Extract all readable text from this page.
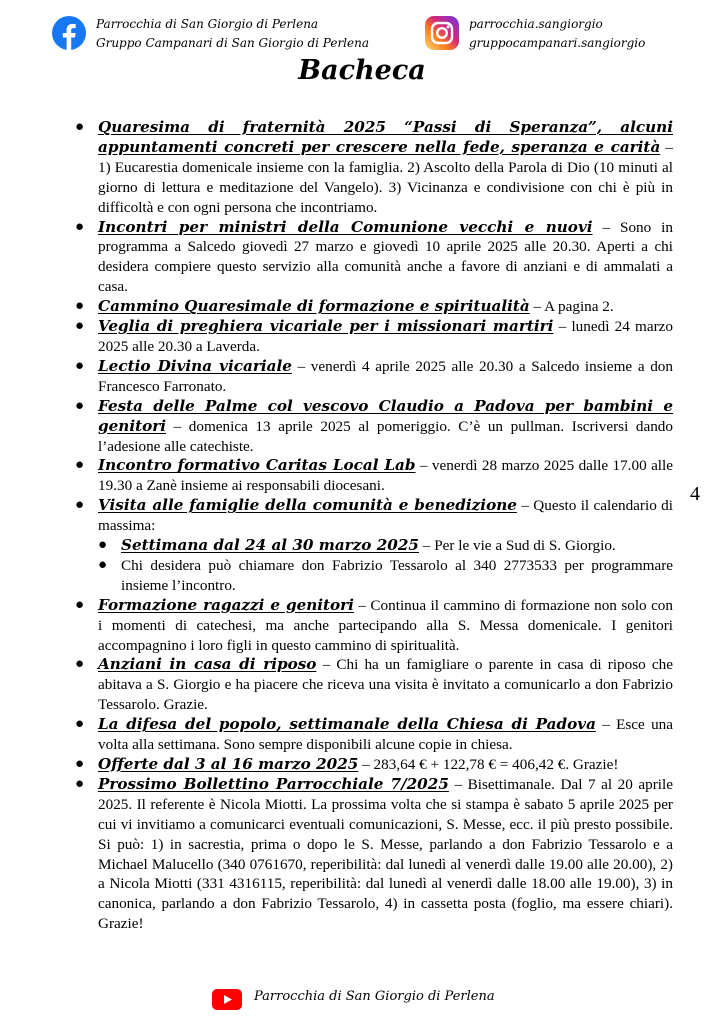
Parrocchia di San Giorgio di Perlena
Gruppo Campanari di San Giorgio di Perlena
parrocchia.sangiorgio
gruppocampanari.sangiorgio
Bacheca
4
● Quaresima di fraternità 2025 “Passi di Speranza”, alcuni appuntamenti concreti per crescere nella fede, speranza e carità – 1) Eucarestia domenicale insieme con la famiglia. 2) Ascolto della Parola di Dio (10 minuti al giorno di lettura e meditazione del Vangelo). 3) Vicinanza e condivisione con chi è più in difficoltà e con ogni persona che incontriamo.
● Incontri per ministri della Comunione vecchi e nuovi – Sono in programma a Salcedo giovedì 27 marzo e giovedì 10 aprile 2025 alle 20.30. Aperti a chi desidera compiere questo servizio alla comunità anche a favore di anziani e di ammalati a casa.
● Cammino Quaresimale di formazione e spiritualità – A pagina 2.
● Veglia di preghiera vicariale per i missionari martiri – lunedì 24 marzo 2025 alle 20.30 a Laverda.
● Lectio Divina vicariale – venerdì 4 aprile 2025 alle 20.30 a Salcedo insieme a don Francesco Farronato.
● Festa delle Palme col vescovo Claudio a Padova per bambini e genitori – domenica 13 aprile 2025 al pomeriggio. C’è un pullman. Iscriversi dando l’adesione alle catechiste.
● Incontro formativo Caritas Local Lab – venerdì 28 marzo 2025 dalle 17.00 alle 19.30 a Zanè insieme ai responsabili diocesani.
● Visita alle famiglie della comunità e benedizione – Questo il calendario di massima:
● Settimana dal 24 al 30 marzo 2025 – Per le vie a Sud di S. Giorgio.
● Chi desidera può chiamare don Fabrizio Tessarolo al 340 2773533 per programmare insieme l’incontro.
● Formazione ragazzi e genitori – Continua il cammino di formazione non solo con i momenti di catechesi, ma anche partecipando alla S. Messa domenicale. I genitori accompagnino i loro figli in questo cammino di spiritualità.
● Anziani in casa di riposo – Chi ha un famigliare o parente in casa di riposo che abitava a S. Giorgio e ha piacere che riceva una visita è invitato a comunicarlo a don Fabrizio Tessarolo. Grazie.
● La difesa del popolo, settimanale della Chiesa di Padova – Esce una volta alla settimana. Sono sempre disponibili alcune copie in chiesa.
● Offerte dal 3 al 16 marzo 2025 – 283,64 € + 122,78 € = 406,42 €. Grazie!
● Prossimo Bollettino Parrocchiale 7/2025 – Bisettimanale. Dal 7 al 20 aprile 2025. Il referente è Nicola Miotti. La prossima volta che si stampa è sabato 5 aprile 2025 per cui vi invitiamo a comunicarci eventuali comunicazioni, S. Messe, ecc. il più presto possibile. Si può: 1) in sacrestia, prima o dopo le S. Messe, parlando a don Fabrizio Tessarolo e a Michael Malucello (340 0761670, reperibilità: dal lunedì al venerdì dalle 19.00 alle 20.00), 2) a Nicola Miotti (331 4316115, reperibilità: dal lunedì al venerdì dalle 18.00 alle 19.00), 3) in canonica, parlando a don Fabrizio Tessarolo, 4) in cassetta posta (foglio, ma essere chiari). Grazie!
Parrocchia di San Giorgio di Perlena
